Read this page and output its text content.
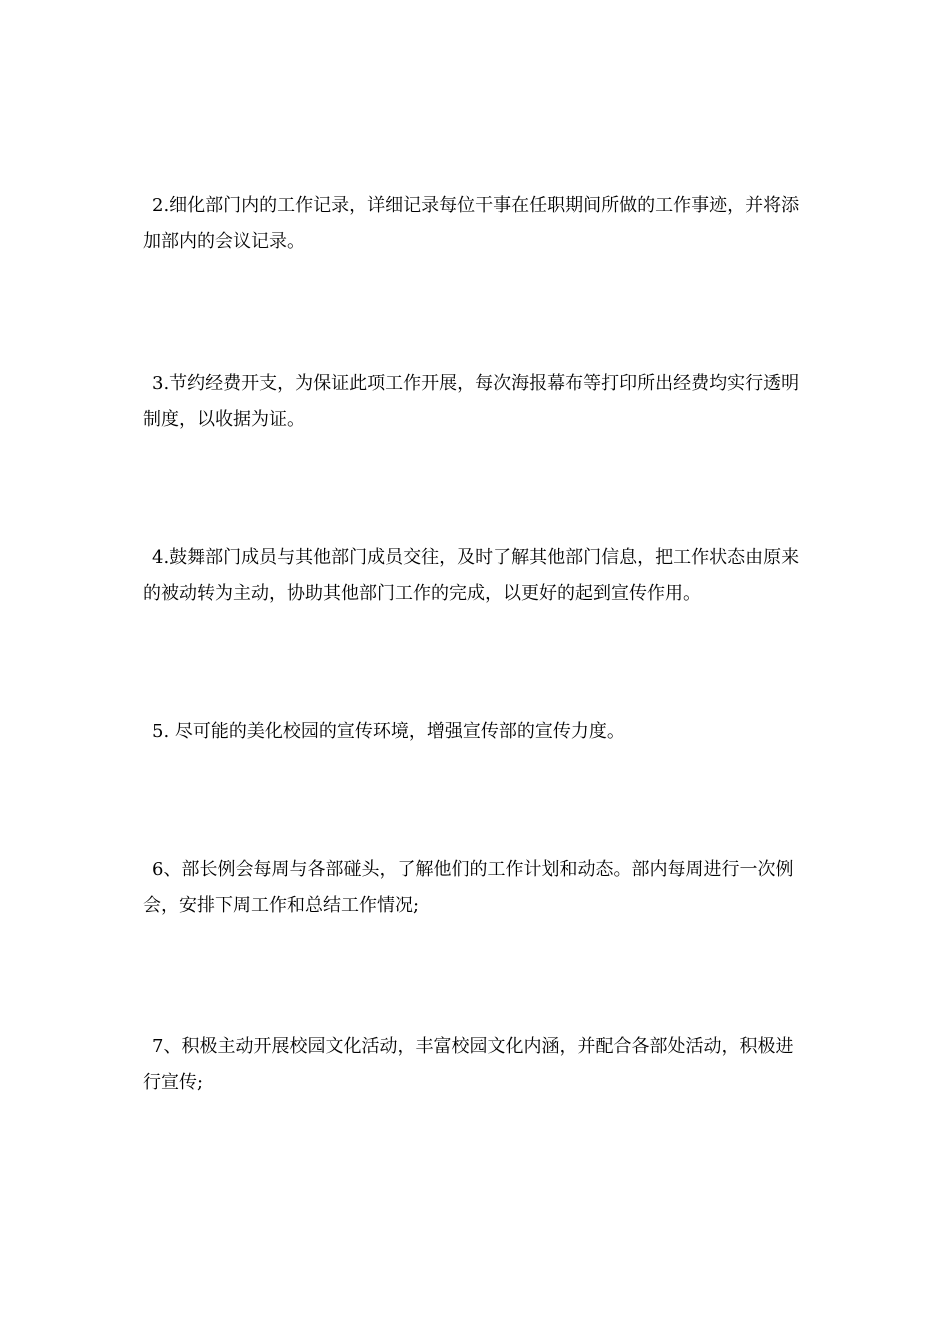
2.细化部门内的工作记录，详细记录每位干事在任职期间所做的工作事迹，并将添加部内的会议记录。

3.节约经费开支，为保证此项工作开展，每次海报幕布等打印所出经费均实行透明制度，以收据为证。

4.鼓舞部门成员与其他部门成员交往，及时了解其他部门信息，把工作状态由原来的被动转为主动，协助其他部门工作的完成，以更好的起到宣传作用。

5. 尽可能的美化校园的宣传环境，增强宣传部的宣传力度。

6、部长例会每周与各部碰头，了解他们的工作计划和动态。部内每周进行一次例会，安排下周工作和总结工作情况;

7、积极主动开展校园文化活动，丰富校园文化内涵，并配合各部处活动，积极进行宣传;
